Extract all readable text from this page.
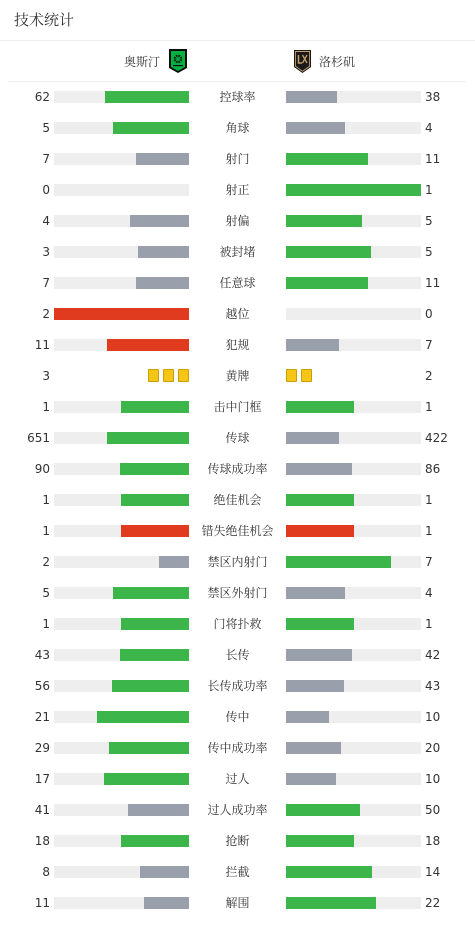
技术统计
奥斯汀	洛杉矶
62	控球率	38
5	角球	4
7	射门	11
0	射正	1
4	射偏	5
3	被封堵	5
7	任意球	11
2	越位	0
11	犯规	7
3	黄牌	2
1	击中门框	1
651	传球	422
90	传球成功率	86
1	绝佳机会	1
1	错失绝佳机会	1
2	禁区内射门	7
5	禁区外射门	4
1	门将扑救	1
43	长传	42
56	长传成功率	43
21	传中	10
29	传中成功率	20
17	过人	10
41	过人成功率	50
18	抢断	18
8	拦截	14
11	解围	22
